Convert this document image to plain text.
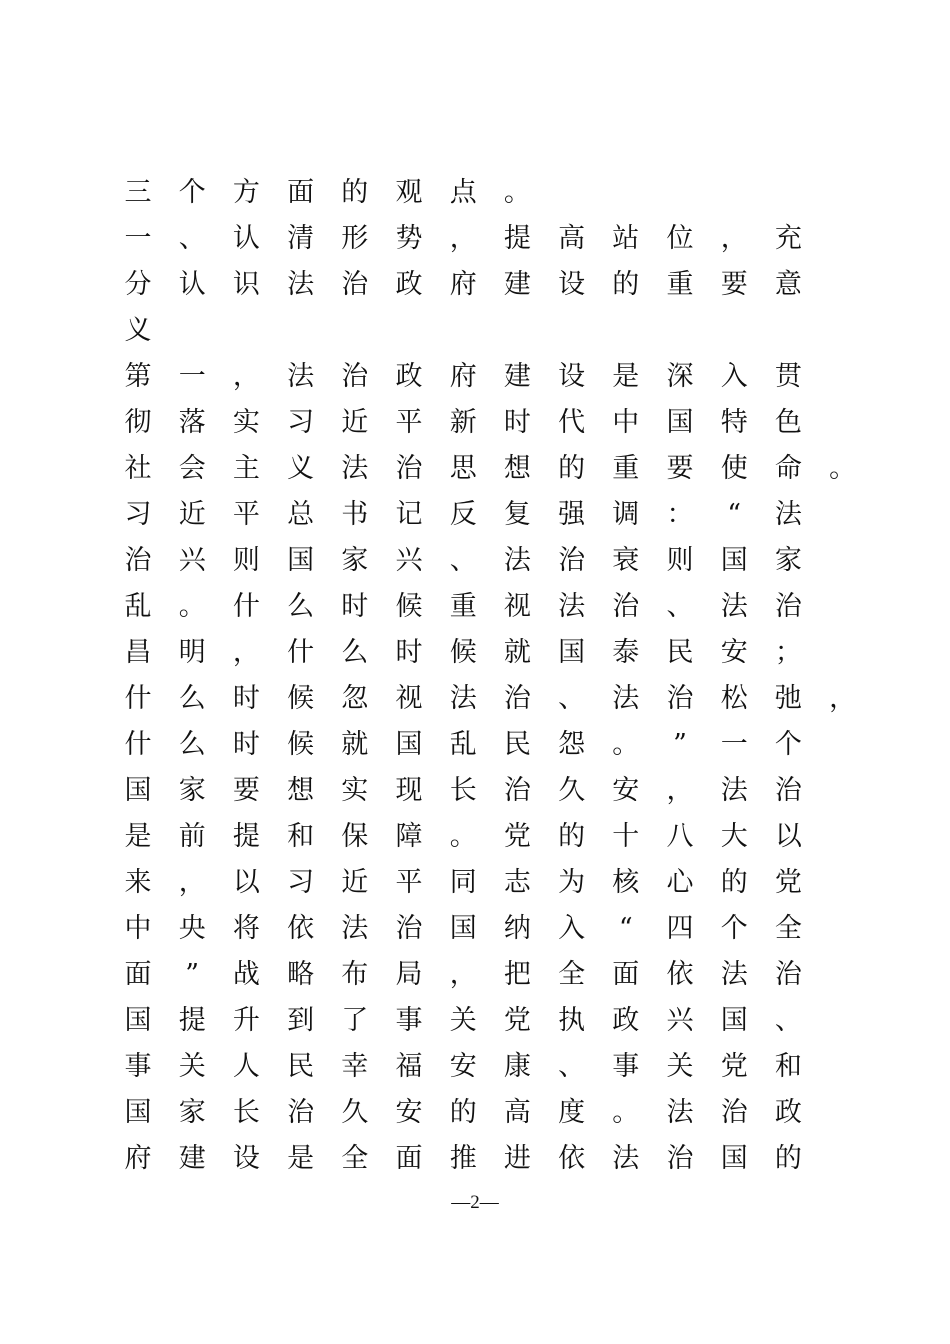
三 个 方 面 的 观 点 。
一 、 认 清 形 势 ， 提 高 站 位 ， 充
分 认 识 法 治 政 府 建 设 的 重 要 意
义
第 一 ， 法 治 政 府 建 设 是 深 入 贯
彻 落 实 习 近 平 新 时 代 中 国 特 色
社 会 主 义 法 治 思 想 的 重 要 使 命 。
习 近 平 总 书 记 反 复 强 调 ： “ 法
治 兴 则 国 家 兴 、 法 治 衰 则 国 家
乱 。 什 么 时 候 重 视 法 治 、 法 治
昌 明 ， 什 么 时 候 就 国 泰 民 安 ；
什 么 时 候 忽 视 法 治 、 法 治 松 弛 ，
什 么 时 候 就 国 乱 民 怨 。 ” 一 个
国 家 要 想 实 现 长 治 久 安 ， 法 治
是 前 提 和 保 障 。 党 的 十 八 大 以
来 ， 以 习 近 平 同 志 为 核 心 的 党
中 央 将 依 法 治 国 纳 入 “ 四 个 全
面 ” 战 略 布 局 ， 把 全 面 依 法 治
国 提 升 到 了 事 关 党 执 政 兴 国 、
事 关 人 民 幸 福 安 康 、 事 关 党 和
国 家 长 治 久 安 的 高 度 。 法 治 政
府 建 设 是 全 面 推 进 依 法 治 国 的
—2—
